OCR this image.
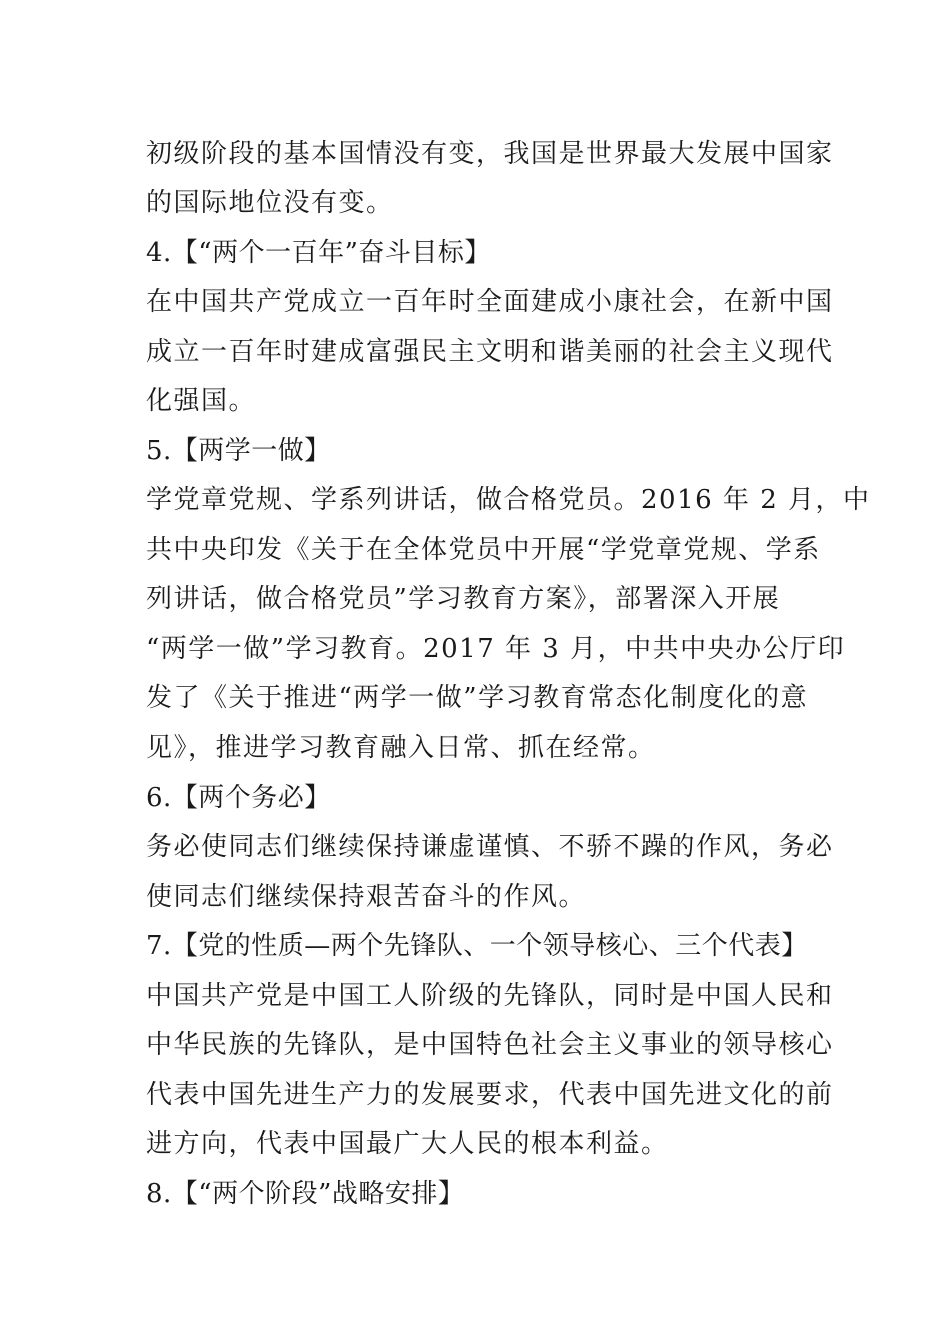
初级阶段的基本国情没有变，我国是世界最大发展中国家
的国际地位没有变。
4.【“两个一百年”奋斗目标】
在中国共产党成立一百年时全面建成小康社会，在新中国
成立一百年时建成富强民主文明和谐美丽的社会主义现代
化强国。
5.【两学一做】
学党章党规、学系列讲话，做合格党员。2016 年 2 月，中
共中央印发《关于在全体党员中开展“学党章党规、学系
列讲话，做合格党员”学习教育方案》，部署深入开展
“两学一做”学习教育。2017 年 3 月，中共中央办公厅印
发了《关于推进“两学一做”学习教育常态化制度化的意
见》，推进学习教育融入日常、抓在经常。
6.【两个务必】
务必使同志们继续保持谦虚谨慎、不骄不躁的作风，务必
使同志们继续保持艰苦奋斗的作风。
7.【党的性质—两个先锋队、一个领导核心、三个代表】
中国共产党是中国工人阶级的先锋队，同时是中国人民和
中华民族的先锋队，是中国特色社会主义事业的领导核心
代表中国先进生产力的发展要求，代表中国先进文化的前
进方向，代表中国最广大人民的根本利益。
8.【“两个阶段”战略安排】
